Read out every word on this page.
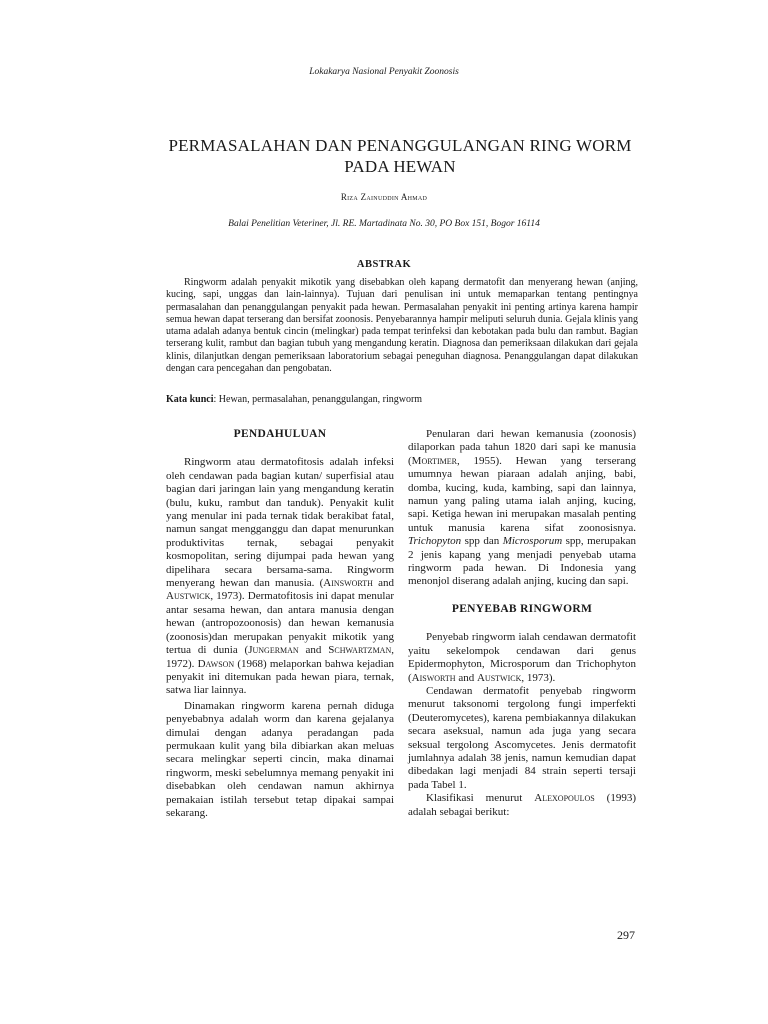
Lokakarya Nasional Penyakit Zoonosis
PERMASALAHAN DAN PENANGGULANGAN RING WORM
PADA HEWAN
Riza Zainuddin Ahmad
Balai Penelitian Veteriner, Jl. RE. Martadinata No. 30, PO Box 151, Bogor 16114
ABSTRAK

Ringworm adalah penyakit mikotik yang disebabkan oleh kapang dermatofit dan menyerang hewan (anjing, kucing, sapi, unggas dan lain-lainnya). Tujuan dari penulisan ini untuk memaparkan tentang pentingnya permasalahan dan penanggulangan penyakit pada hewan. Permasalahan penyakit ini penting artinya karena hampir semua hewan dapat terserang dan bersifat zoonosis. Penyebarannya hampir meliputi seluruh dunia. Gejala klinis yang utama adalah adanya bentuk cincin (melingkar) pada tempat terinfeksi dan kebotakan pada bulu dan rambut. Bagian terserang kulit, rambut dan bagian tubuh yang mengandung keratin. Diagnosa dan pemeriksaan dilakukan dari gejala klinis, dilanjutkan dengan pemeriksaan laboratorium sebagai peneguhan diagnosa. Penanggulangan dapat dilakukan dengan cara pencegahan dan pengobatan.

Kata kunci: Hewan, permasalahan, penanggulangan, ringworm

PENDAHULUAN

Ringworm atau dermatofitosis adalah infeksi oleh cendawan pada bagian kutan/ superfisial atau bagian dari jaringan lain yang mengandung keratin (bulu, kuku, rambut dan tanduk). Penyakit kulit yang menular ini pada ternak tidak berakibat fatal, namun sangat mengganggu dan dapat menurunkan produktivitas ternak, sebagai penyakit kosmopolitan, sering dijumpai pada hewan yang dipelihara secara bersama-sama. Ringworm menyerang hewan dan manusia. (Ainsworth and Austwick, 1973). Dermatofitosis ini dapat menular antar sesama hewan, dan antara manusia dengan hewan (antropozoonosis) dan hewan kemanusia (zoonosis)dan merupakan penyakit mikotik yang tertua di dunia (Jungerman and Schwartzman, 1972). Dawson (1968) melaporkan bahwa kejadian penyakit ini ditemukan pada hewan piara, ternak, satwa liar lainnya.

Dinamakan ringworm karena pernah diduga penyebabnya adalah worm dan karena gejalanya dimulai dengan adanya peradangan pada permukaan kulit yang bila dibiarkan akan meluas secara melingkar seperti cincin, maka dinamai ringworm, meski sebelumnya memang penyakit ini disebabkan oleh cendawan namun akhirnya pemakaian istilah tersebut tetap dipakai sampai sekarang.

Penularan dari hewan kemanusia (zoonosis) dilaporkan pada tahun 1820 dari sapi ke manusia (Mortimer, 1955). Hewan yang terserang umumnya hewan piaraan adalah anjing, babi, domba, kucing, kuda, kambing, sapi dan lainnya, namun yang paling utama ialah anjing, kucing, sapi. Ketiga hewan ini merupakan masalah penting untuk manusia karena sifat zoonosisnya. Trichopyton spp dan Microsporum spp, merupakan 2 jenis kapang yang menjadi penyebab utama ringworm pada hewan. Di Indonesia yang menonjol diserang adalah anjing, kucing dan sapi.

PENYEBAB RINGWORM

Penyebab ringworm ialah cendawan dermatofit yaitu sekelompok cendawan dari genus Epidermophyton, Microsporum dan Trichophyton (Aisworth and Austwick, 1973).

Cendawan dermatofit penyebab ringworm menurut taksonomi tergolong fungi imperfekti (Deuteromycetes), karena pembiakannya dilakukan secara aseksual, namun ada juga yang secara seksual tergolong Ascomycetes. Jenis dermatofit jumlahnya adalah 38 jenis, namun kemudian dapat dibedakan lagi menjadi 84 strain seperti tersaji pada Tabel 1.

Klasifikasi menurut Alexopoulos (1993) adalah sebagai berikut:

297
